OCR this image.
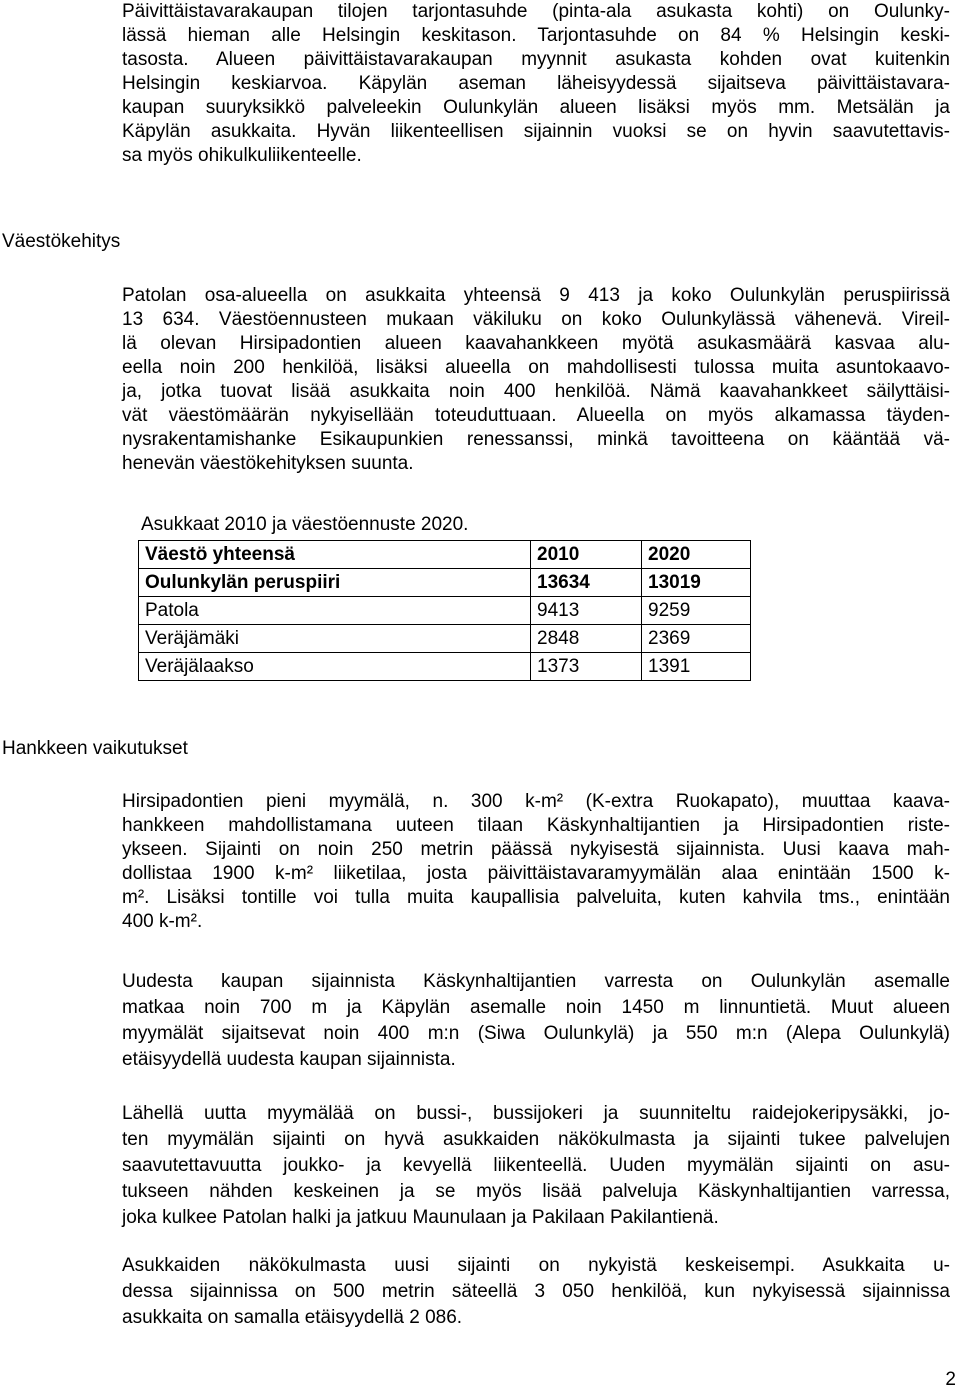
Päivittäistavarakaupan tilojen tarjontasuhde (pinta-ala asukasta kohti) on Oulunky-
lässä hieman alle Helsingin keskitason. Tarjontasuhde on 84 % Helsingin keski-
tasosta. Alueen päivittäistavarakaupan myynnit asukasta kohden ovat kuitenkin
Helsingin keskiarvoa. Käpylän aseman läheisyydessä sijaitseva päivittäistavara-
kaupan suuryksikkö palveleekin Oulunkylän alueen lisäksi myös mm. Metsälän ja
Käpylän asukkaita. Hyvän liikenteellisen sijainnin vuoksi se on hyvin saavutettavis-
sa myös ohikulkuliikenteelle.
Väestökehitys
Patolan osa-alueella on asukkaita yhteensä 9 413 ja koko Oulunkylän peruspiirissä
13 634. Väestöennusteen mukaan väkiluku on koko Oulunkylässä vähenevä. Vireil-
lä olevan Hirsipadontien alueen kaavahankkeen myötä asukasmäärä kasvaa alu-
eella noin 200 henkilöä, lisäksi alueella on mahdollisesti tulossa muita asuntokaavo-
ja, jotka tuovat lisää asukkaita noin 400 henkilöä. Nämä kaavahankkeet säilyttäisi-
vät väestömäärän nykyisellään toteuduttuaan. Alueella on myös alkamassa täyden-
nysrakentamishanke Esikaupunkien renessanssi, minkä tavoitteena on kääntää vä-
henevän väestökehityksen suunta.
Asukkaat 2010 ja väestöennuste 2020.
Väestö yhteensä	2010	2020
Oulunkylän peruspiiri	13634	13019
Patola	9413	9259
Veräjämäki	2848	2369
Veräjälaakso	1373	1391
Hankkeen vaikutukset
Hirsipadontien pieni myymälä, n. 300 k-m² (K-extra Ruokapato), muuttaa kaava-
hankkeen mahdollistamana uuteen tilaan Käskynhaltijantien ja Hirsipadontien riste-
ykseen. Sijainti on noin 250 metrin päässä nykyisestä sijainnista. Uusi kaava mah-
dollistaa 1900 k-m² liiketilaa, josta päivittäistavaramyymälän alaa enintään 1500 k-
m². Lisäksi tontille voi tulla muita kaupallisia palveluita, kuten kahvila tms., enintään
400 k-m².
Uudesta kaupan sijainnista Käskynhaltijantien varresta on Oulunkylän asemalle
matkaa noin 700 m ja Käpylän asemalle noin 1450 m linnuntietä. Muut alueen
myymälät sijaitsevat noin 400 m:n (Siwa Oulunkylä) ja 550 m:n (Alepa Oulunkylä)
etäisyydellä uudesta kaupan sijainnista.
Lähellä uutta myymälää on bussi-, bussijokeri ja suunniteltu raidejokeripysäkki, jo-
ten myymälän sijainti on hyvä asukkaiden näkökulmasta ja sijainti tukee palvelujen
saavutettavuutta joukko- ja kevyellä liikenteellä. Uuden myymälän sijainti on asu-
tukseen nähden keskeinen ja se myös lisää palveluja Käskynhaltijantien varressa,
joka kulkee Patolan halki ja jatkuu Maunulaan ja Pakilaan Pakilantienä.
Asukkaiden näkökulmasta uusi sijainti on nykyistä keskeisempi. Asukkaita u-
dessa sijainnissa on 500 metrin säteellä 3 050 henkilöä, kun nykyisessä sijainnissa
asukkaita on samalla etäisyydellä 2 086.
2
